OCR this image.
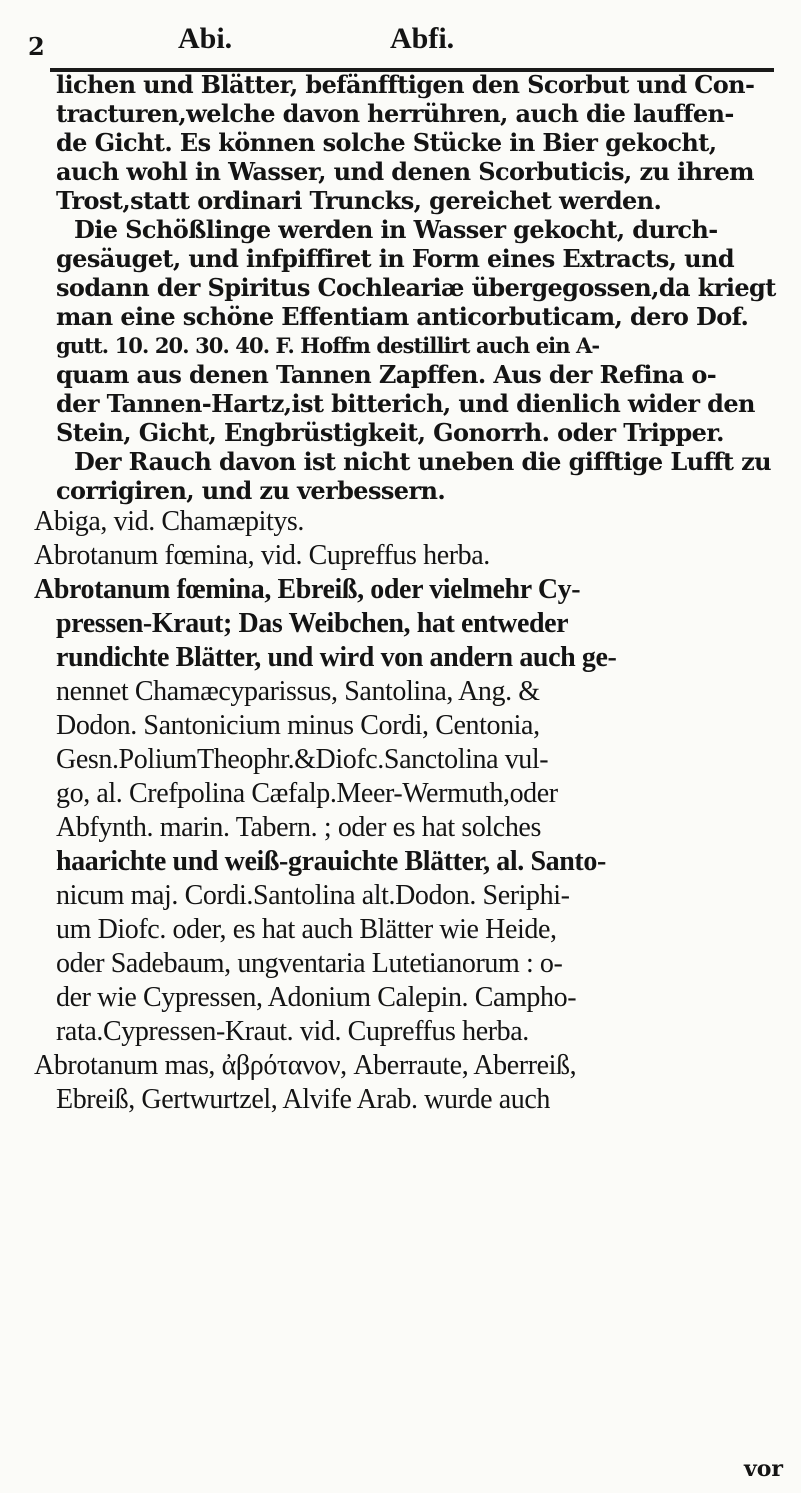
2	Abi.	Abfi.
lichen und Blätter, befänfftigen den Scorbut und Con-
tracturen,welche davon herrühren, auch die lauffen-
de Gicht. Es können solche Stücke in Bier gekocht,
auch wohl in Wasser, und denen Scorbuticis, zu ihrem
Trost,statt ordinari Truncks, gereichet werden.
Die Schößlinge werden in Wasser gekocht, durch-
gesäuget, und infpiffiret in Form eines Extracts, und
sodann der Spiritus Cochleariæ übergegossen,da kriegt
man eine schöne Effentiam anticorbuticam, dero Dof.
gutt. 10. 20. 30. 40. F. Hoffm destillirt auch ein A-
quam aus denen Tannen Zapffen. Aus der Refina o-
der Tannen-Hartz,ist bitterich, und dienlich wider den
Stein, Gicht, Engbrüstigkeit, Gonorrh. oder Tripper.
Der Rauch davon ist nicht uneben die gifftige Lufft zu
corrigiren, und zu verbessern.
Abiga, vid. Chamæpitys.
Abrotanum fœmina, vid. Cupreffus herba.
Abrotanum fœmina, Ebreiß, oder vielmehr Cy-
pressen-Kraut; Das Weibchen, hat entweder
rundichte Blätter, und wird von andern auch ge-
nennet Chamæcyparissus, Santolina, Ang. &
Dodon. Santonicium minus Cordi, Centonia,
Gesn.PoliumTheophr.&Diofc.Sanctolina vul-
go, al. Crefpolina Cæfalp.Meer-Wermuth,oder
Abfynth. marin. Tabern. ; oder es hat solches
haarichte und weiß-grauichte Blätter, al. Santo-
nicum maj. Cordi.Santolina alt.Dodon. Seriphi-
um Diofc. oder, es hat auch Blätter wie Heide,
oder Sadebaum, ungventaria Lutetianorum : o-
der wie Cypressen, Adonium Calepin. Campho-
rata.Cypressen-Kraut. vid. Cupreffus herba.
Abrotanum mas, ἀβρότανον, Aberraute, Aberreiß,
Ebreiß, Gertwurtzel, Alvife Arab. wurde auch
vor
